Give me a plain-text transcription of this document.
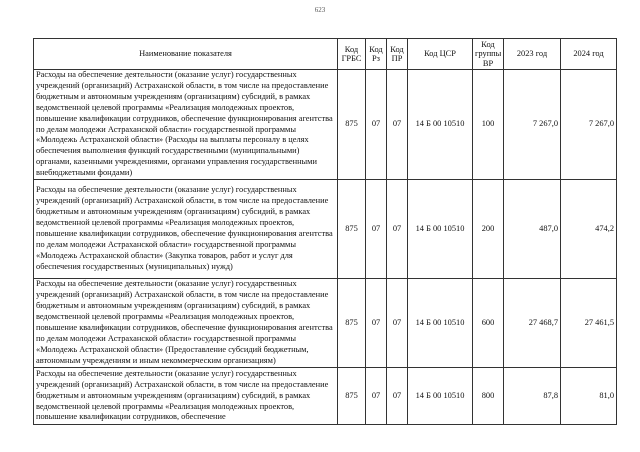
623
Наименование показателя	Код ГРБС	Код Рз	Код ПР	Код ЦСР	Код группы ВР	2023 год	2024 год
Расходы на обеспечение деятельности (оказание услуг) государственных учреждений (организаций) Астраханской области, в том числе на предоставление бюджетным и автономным учреждениям (организациям) субсидий, в рамках ведомственной целевой программы «Реализация молодежных проектов, повышение квалификации сотрудников, обеспечение функционирования агентства по делам молодежи Астраханской области» государственной программы «Молодежь Астраханской области» (Расходы на выплаты персоналу в целях обеспечения выполнения функций государственными (муниципальными) органами, казенными учреждениями, органами управления государственными внебюджетными фондами)	875	07	07	14 Б 00 10510	100	7 267,0	7 267,0
Расходы на обеспечение деятельности (оказание услуг) государственных учреждений (организаций) Астраханской области, в том числе на предоставление бюджетным и автономным учреждениям (организациям) субсидий, в рамках ведомственной целевой программы «Реализация молодежных проектов, повышение квалификации сотрудников, обеспечение функционирования агентства по делам молодежи Астраханской области» государственной программы «Молодежь Астраханской области» (Закупка товаров, работ и услуг для обеспечения государственных (муниципальных) нужд)	875	07	07	14 Б 00 10510	200	487,0	474,2
Расходы на обеспечение деятельности (оказание услуг) государственных учреждений (организаций) Астраханской области, в том числе на предоставление бюджетным и автономным учреждениям (организациям) субсидий, в рамках ведомственной целевой программы «Реализация молодежных проектов, повышение квалификации сотрудников, обеспечение функционирования агентства по делам молодежи Астраханской области» государственной программы «Молодежь Астраханской области» (Предоставление субсидий бюджетным, автономным учреждениям и иным некоммерческим организациям)	875	07	07	14 Б 00 10510	600	27 468,7	27 461,5
Расходы на обеспечение деятельности (оказание услуг) государственных учреждений (организаций) Астраханской области, в том числе на предоставление бюджетным и автономным учреждениям (организациям) субсидий, в рамках ведомственной целевой программы «Реализация молодежных проектов, повышение квалификации сотрудников, обеспечение	875	07	07	14 Б 00 10510	800	87,8	81,0
